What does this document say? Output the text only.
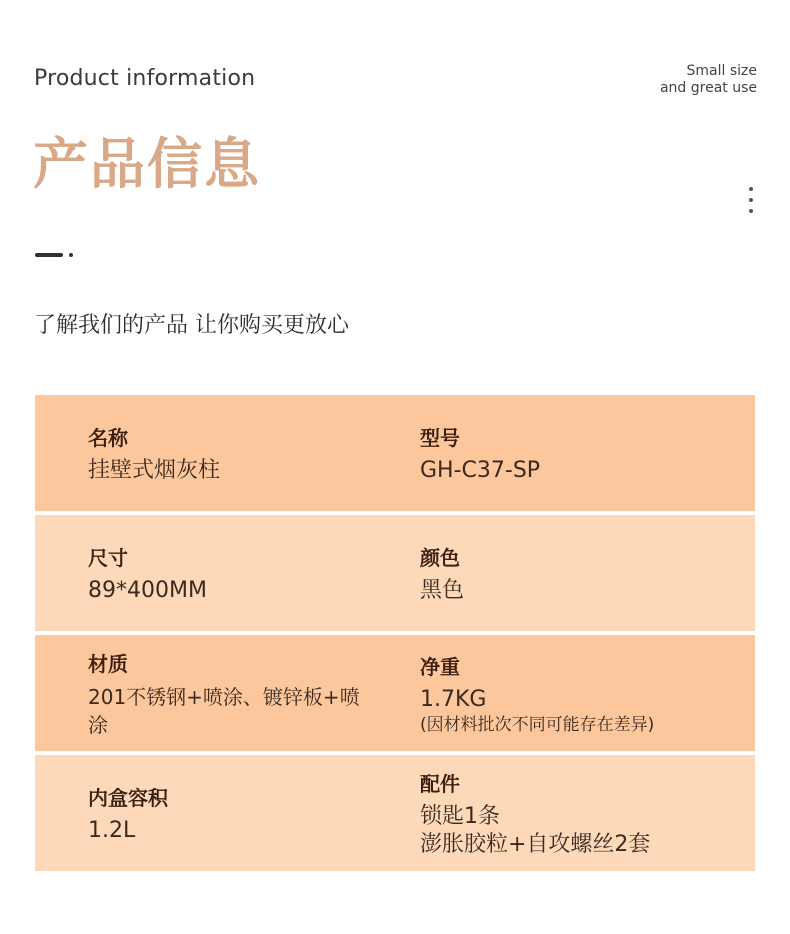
Product information	Small size
and great use
产品信息
了解我们的产品 让你购买更放心
名称
挂壁式烟灰柱
型号
GH-C37-SP
尺寸
89*400MM
颜色
黑色
材质
201不锈钢+喷涂、镀锌板+喷涂
净重
1.7KG
(因材料批次不同可能存在差异)
内盒容积
1.2L
配件
锁匙1条
澎胀胶粒+自攻螺丝2套
